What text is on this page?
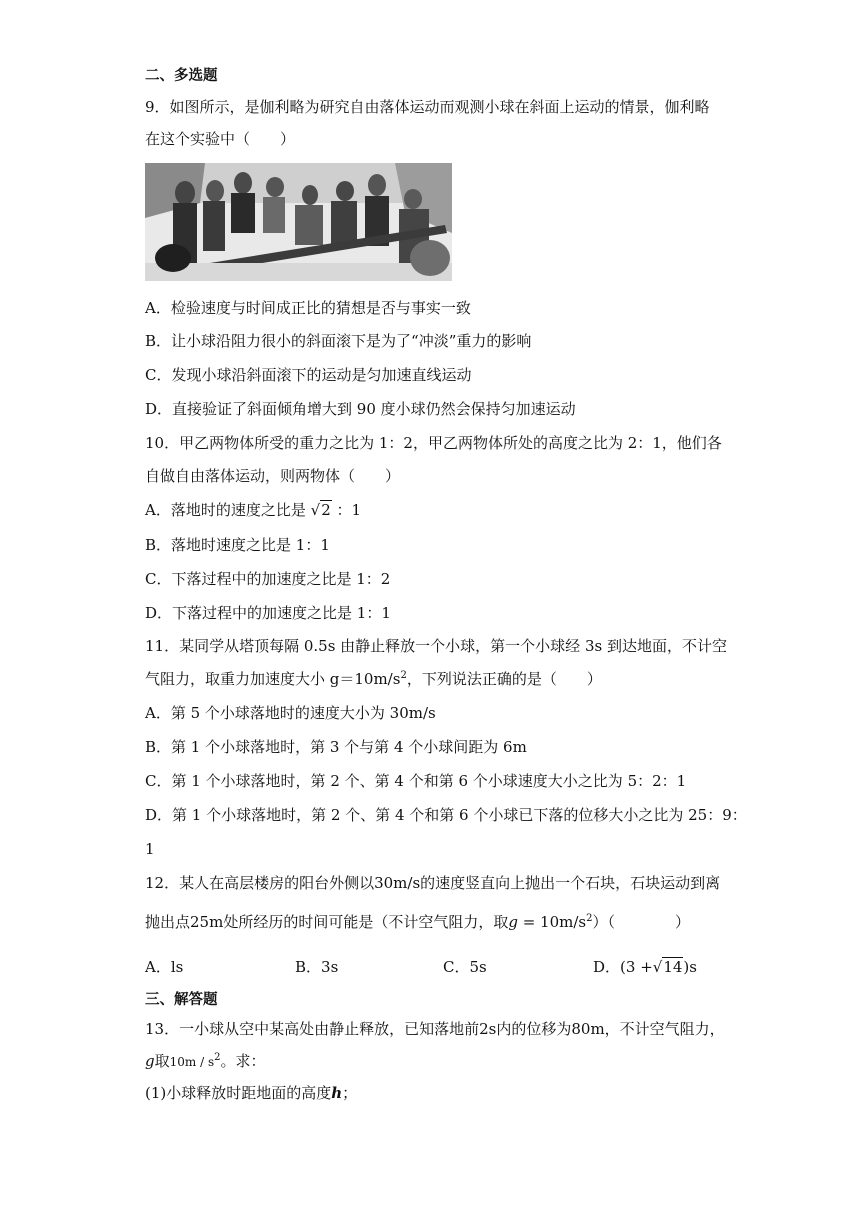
二、多选题
9．如图所示，是伽利略为研究自由落体运动而观测小球在斜面上运动的情景，伽利略
在这个实验中（　　）
A．检验速度与时间成正比的猜想是否与事实一致
B．让小球沿阻力很小的斜面滚下是为了“冲淡”重力的影响
C．发现小球沿斜面滚下的运动是匀加速直线运动
D．直接验证了斜面倾角增大到 90 度小球仍然会保持匀加速运动
10．甲乙两物体所受的重力之比为 1：2，甲乙两物体所处的高度之比为 2：1，他们各
自做自由落体运动，则两物体（　　）
A．落地时的速度之比是 √2 ：1
B．落地时速度之比是 1：1
C．下落过程中的加速度之比是 1：2
D．下落过程中的加速度之比是 1：1
11．某同学从塔顶每隔 0.5s 由静止释放一个小球，第一个小球经 3s 到达地面，不计空
气阻力，取重力加速度大小 $g=10m/s^2$，下列说法正确的是（　　）
A．第 5 个小球落地时的速度大小为 30m/s
B．第 1 个小球落地时，第 3 个与第 4 个小球间距为 6m
C．第 1 个小球落地时，第 2 个、第 4 个和第 6 个小球速度大小之比为 5：2：1
D．第 1 个小球落地时，第 2 个、第 4 个和第 6 个小球已下落的位移大小之比为 25：9：
1
12．某人在高层楼房的阳台外侧以30m/s的速度竖直向上抛出一个石块，石块运动到离
抛出点25m处所经历的时间可能是（不计空气阻力，取$g = 10m/s^2$）（　　　　）
A．ls	B．3s	C．5s	D．(3 +√14)s
三、解答题
13．一小球从空中某高处由静止释放，已知落地前2s内的位移为80m，不计空气阻力，
g取$10m / s^2$。求：
(1)小球释放时距地面的高度h；
